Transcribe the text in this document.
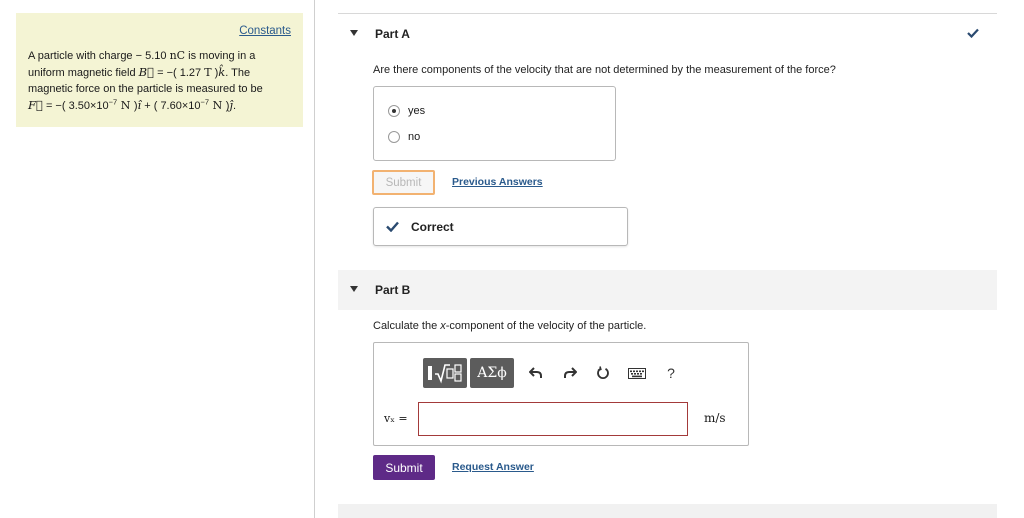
Constants
A particle with charge − 5.10 nC is moving in a
uniform magnetic field B⃗ = −( 1.27 T )k̂. The
magnetic force on the particle is measured to be
F⃗ = −( $3.50\times 10^{-7}$ N )î + ( $7.60\times 10^{-7}$ N )ĵ.
Part A
Are there components of the velocity that are not determined by the measurement of the force?
yes
no
Submit	Previous Answers
Correct
Part B
Calculate the x-component of the velocity of the particle.
ΑΣϕ	?
vₓ =	m/s
Submit	Request Answer
